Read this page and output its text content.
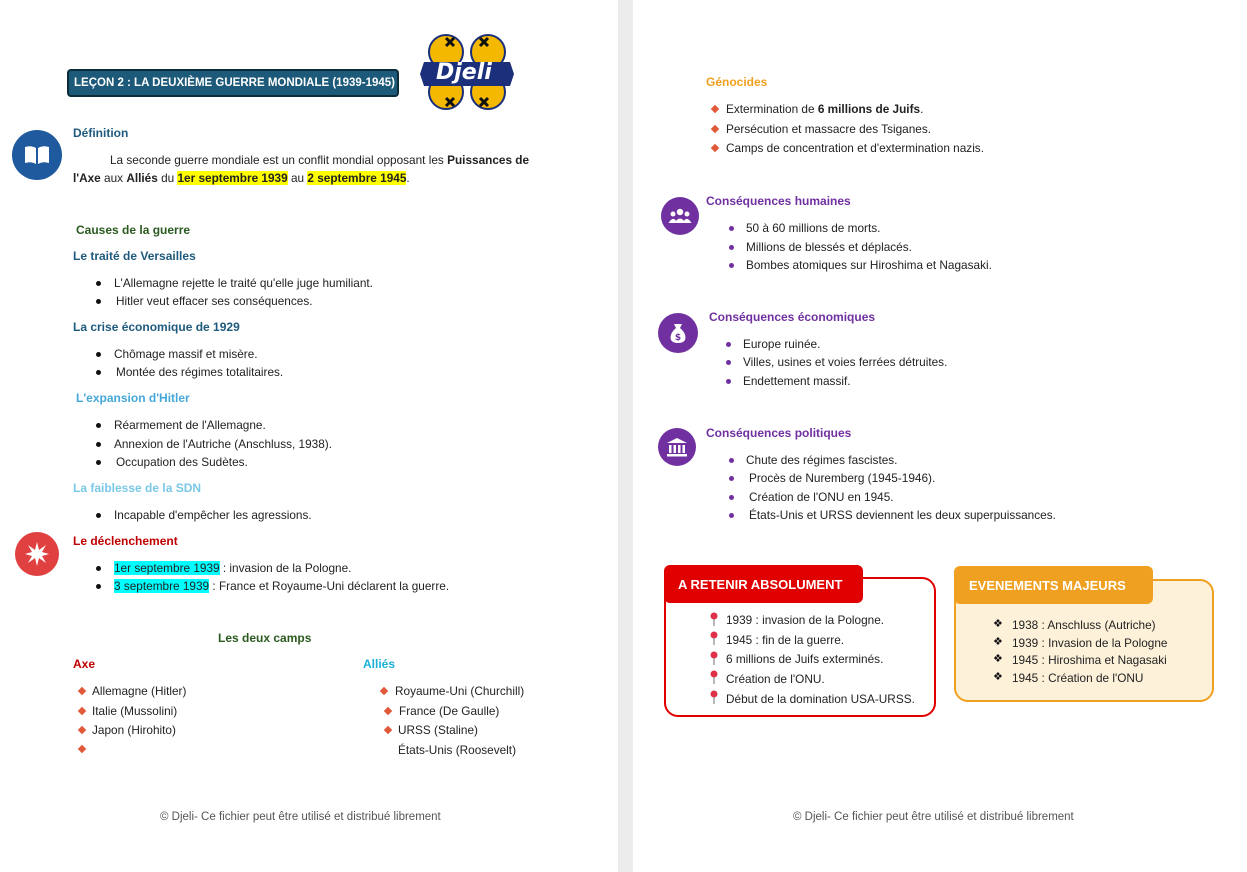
LEÇON 2 : LA DEUXIÈME GUERRE MONDIALE (1939-1945) Djeli
Définition
La seconde guerre mondiale est un conflit mondial opposant les Puissances de
l'Axe aux Alliés du 1er septembre 1939 au 2 septembre 1945.
Causes de la guerre
Le traité de Versailles
L'Allemagne rejette le traité qu'elle juge humiliant.
Hitler veut effacer ses conséquences.
La crise économique de 1929
Chômage massif et misère.
Montée des régimes totalitaires.
L'expansion d'Hitler
Réarmement de l'Allemagne.
Annexion de l'Autriche (Anschluss, 1938).
Occupation des Sudètes.
La faiblesse de la SDN
Incapable d'empêcher les agressions.
Le déclenchement
1er septembre 1939 : invasion de la Pologne.
3 septembre 1939 : France et Royaume-Uni déclarent la guerre.
Les deux camps
Axe	Alliés
Allemagne (Hitler)
Italie (Mussolini)
Japon (Hirohito)
Royaume-Uni (Churchill)
France (De Gaulle)
URSS (Staline)
États-Unis (Roosevelt)
© Djeli- Ce fichier peut être utilisé et distribué librement
Génocides
Extermination de 6 millions de Juifs.
Persécution et massacre des Tsiganes.
Camps de concentration et d'extermination nazis.
Conséquences humaines
50 à 60 millions de morts.
Millions de blessés et déplacés.
Bombes atomiques sur Hiroshima et Nagasaki.
$
Conséquences économiques
Europe ruinée.
Villes, usines et voies ferrées détruites.
Endettement massif.
Conséquences politiques
Chute des régimes fascistes.
Procès de Nuremberg (1945-1946).
Création de l'ONU en 1945.
États-Unis et URSS deviennent les deux superpuissances.
A RETENIR ABSOLUMENT
1939 : invasion de la Pologne.
1945 : fin de la guerre.
6 millions de Juifs exterminés.
Création de l'ONU.
Début de la domination USA-URSS.
EVENEMENTS MAJEURS
❖ 1938 : Anschluss (Autriche)
❖ 1939 : Invasion de la Pologne
❖ 1945 : Hiroshima et Nagasaki
❖ 1945 : Création de l'ONU
© Djeli- Ce fichier peut être utilisé et distribué librement
